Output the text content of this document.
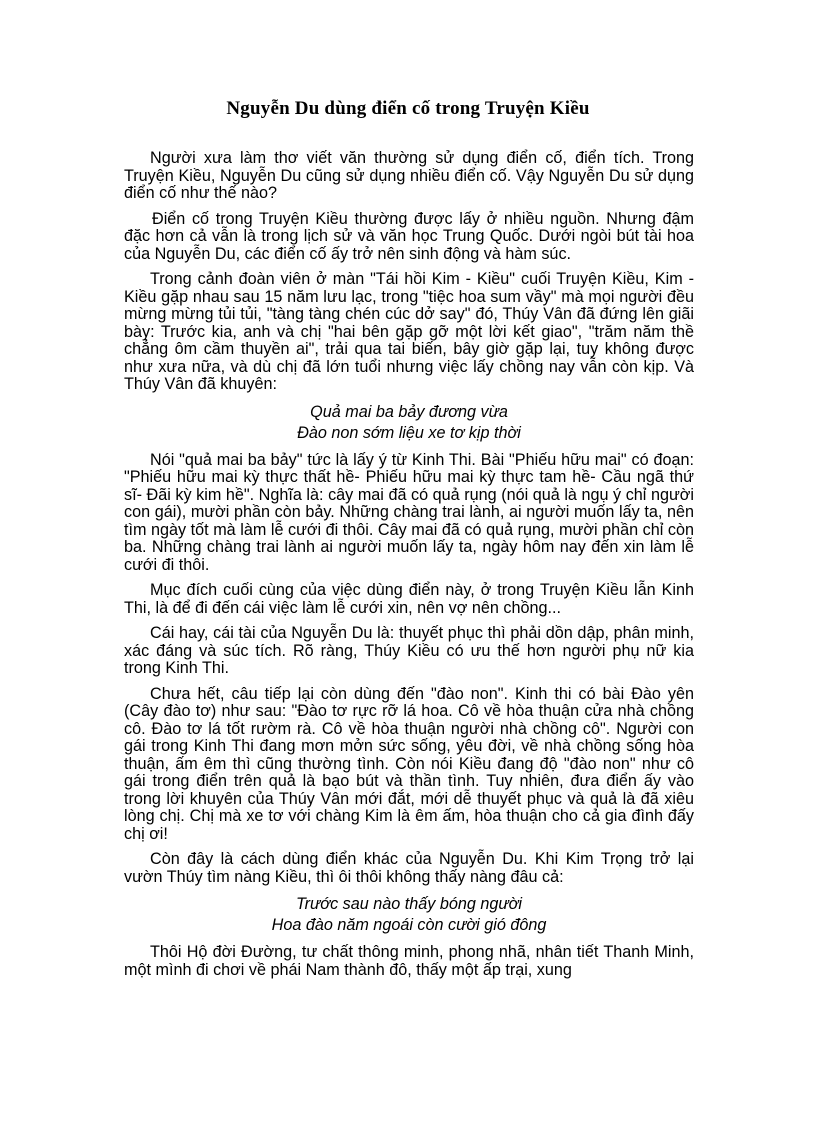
Nguyễn Du dùng điển cố trong Truyện Kiều

Người xưa làm thơ viết văn thường sử dụng điển cố, điển tích. Trong Truyện Kiều, Nguyễn Du cũng sử dụng nhiều điển cố. Vậy Nguyễn Du sử dụng điển cố như thế nào?

Điển cố trong Truyện Kiều thường được lấy ở nhiều nguồn. Nhưng đậm đặc hơn cả vẫn là trong lịch sử và văn học Trung Quốc. Dưới ngòi bút tài hoa của Nguyễn Du, các điển cố ấy trở nên sinh động và hàm súc.

Trong cảnh đoàn viên ở màn "Tái hồi Kim - Kiều" cuối Truyện Kiều, Kim - Kiều gặp nhau sau 15 năm lưu lạc, trong "tiệc hoa sum vầy" mà mọi người đều mừng mừng tủi tủi, "tàng tàng chén cúc dở say" đó, Thúy Vân đã đứng lên giãi bày: Trước kia, anh và chị "hai bên gặp gỡ một lời kết giao", "trăm năm thề chẳng ôm cầm thuyền ai", trải qua tai biến, bây giờ gặp lại, tuy không được như xưa nữa, và dù chị đã lớn tuổi nhưng việc lấy chồng nay vẫn còn kịp. Và Thúy Vân đã khuyên:

Quả mai ba bảy đương vừa
Đào non sớm liệu xe tơ kịp thời

Nói "quả mai ba bảy" tức là lấy ý từ Kinh Thi. Bài "Phiếu hữu mai" có đoạn: "Phiếu hữu mai kỳ thực thất hề- Phiếu hữu mai kỳ thực tam hề- Cầu ngã thứ sĩ- Đãi kỳ kim hề". Nghĩa là: cây mai đã có quả rụng (nói quả là ngụ ý chỉ người con gái), mười phần còn bảy. Những chàng trai lành, ai người muốn lấy ta, nên tìm ngày tốt mà làm lễ cưới đi thôi. Cây mai đã có quả rụng, mười phần chỉ còn ba. Những chàng trai lành ai người muốn lấy ta, ngày hôm nay đến xin làm lễ cưới đi thôi.

Mục đích cuối cùng của việc dùng điển này, ở trong Truyện Kiều lẫn Kinh Thi, là để đi đến cái việc làm lễ cưới xin, nên vợ nên chồng...

Cái hay, cái tài của Nguyễn Du là: thuyết phục thì phải dồn dập, phân minh, xác đáng và súc tích. Rõ ràng, Thúy Kiều có ưu thế hơn người phụ nữ kia trong Kinh Thi.

Chưa hết, câu tiếp lại còn dùng đến "đào non". Kinh thi có bài Đào yên (Cây đào tơ) như sau: "Đào tơ rực rỡ lá hoa. Cô về hòa thuận cửa nhà chồng cô. Đào tơ lá tốt rườm rà. Cô về hòa thuận người nhà chồng cô". Người con gái trong Kinh Thi đang mơn mởn sức sống, yêu đời, về nhà chồng sống hòa thuận, ấm êm thì cũng thường tình. Còn nói Kiều đang độ "đào non" như cô gái trong điển trên quả là bạo bút và thần tình. Tuy nhiên, đưa điển ấy vào trong lời khuyên của Thúy Vân mới đắt, mới dễ thuyết phục và quả là đã xiêu lòng chị. Chị mà xe tơ với chàng Kim là êm ấm, hòa thuận cho cả gia đình đấy chị ơi!

Còn đây là cách dùng điển khác của Nguyễn Du. Khi Kim Trọng trở lại vườn Thúy tìm nàng Kiều, thì ôi thôi không thấy nàng đâu cả:

Trước sau nào thấy bóng người
Hoa đào năm ngoái còn cười gió đông

Thôi Hộ đời Đường, tư chất thông minh, phong nhã, nhân tiết Thanh Minh, một mình đi chơi về phái Nam thành đô, thấy một ấp trại, xung
